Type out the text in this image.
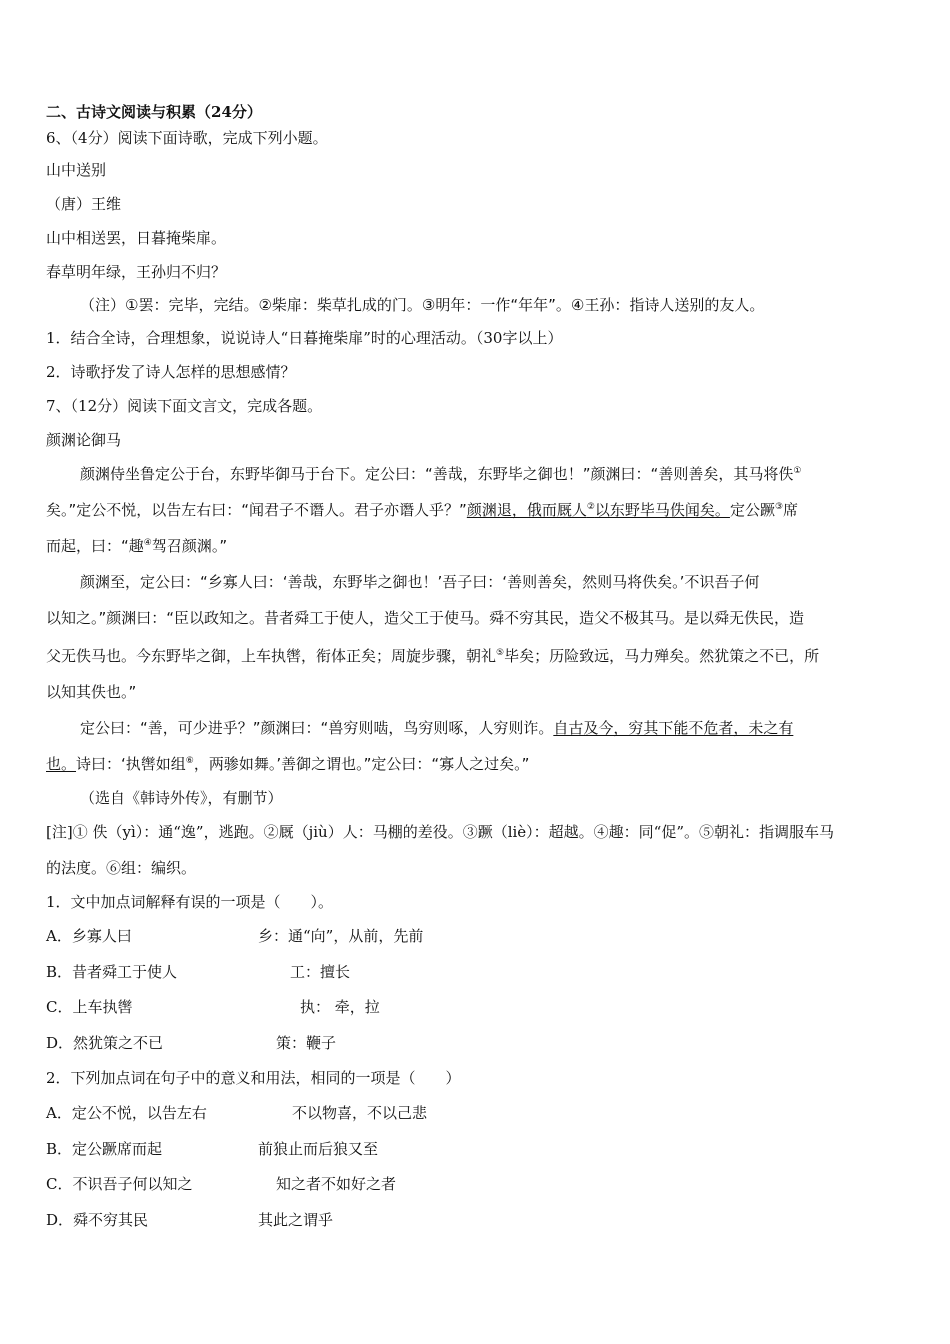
二、古诗文阅读与积累（24分）
6、（4分）阅读下面诗歌，完成下列小题。
山中送别
（唐）王维
山中相送罢，日暮掩柴扉。
春草明年绿，王孙归不归？
（注）①罢：完毕，完结。②柴扉：柴草扎成的门。③明年：一作“年年”。④王孙：指诗人送别的友人。
1．结合全诗，合理想象，说说诗人“日暮掩柴扉”时的心理活动。（30字以上）
2．诗歌抒发了诗人怎样的思想感情？
7、（12分）阅读下面文言文，完成各题。
颜渊论御马
颜渊侍坐鲁定公于台，东野毕御马于台下。定公曰：“善哉，东野毕之御也！”颜渊曰：“善则善矣，其马将佚①
矣。”定公不悦，以告左右曰：“闻君子不谮人。君子亦谮人乎？”颜渊退，俄而厩人②以东野毕马佚闻矣。定公蹶③席
而起，曰：“趣④驾召颜渊。”
颜渊至，定公曰：“乡寡人曰：‘善哉，东野毕之御也！’吾子曰：‘善则善矣，然则马将佚矣。’不识吾子何
以知之。”颜渊曰：“臣以政知之。昔者舜工于使人，造父工于使马。舜不穷其民，造父不极其马。是以舜无佚民，造
父无佚马也。今东野毕之御，上车执辔，衔体正矣；周旋步骤，朝礼⑤毕矣；历险致远，马力殚矣。然犹策之不已，所
以知其佚也。”
定公曰：“善，可少进乎？”颜渊曰：“兽穷则啮，鸟穷则啄，人穷则诈。自古及今，穷其下能不危者，未之有
也。诗曰：‘执辔如组⑥，两骖如舞。’善御之谓也。”定公曰：“寡人之过矣。”
（选自《韩诗外传》，有删节）
[注]① 佚（yì）：通“逸”，逃跑。②厩（jiù）人：马棚的差役。③蹶（liè）：超越。④趣：同“促”。⑤朝礼：指调服车马
的法度。⑥组：编织。
1．文中加点词解释有误的一项是（　　）。
A．乡寡人曰	乡：通“向”，从前，先前
B．昔者舜工于使人	工：擅长
C．上车执辔	执： 牵，拉
D．然犹策之不已	策：鞭子
2．下列加点词在句子中的意义和用法，相同的一项是（　　）
A．定公不悦，以告左右	不以物喜，不以己悲
B．定公蹶席而起	前狼止而后狼又至
C．不识吾子何以知之	知之者不如好之者
D．舜不穷其民	其此之谓乎
